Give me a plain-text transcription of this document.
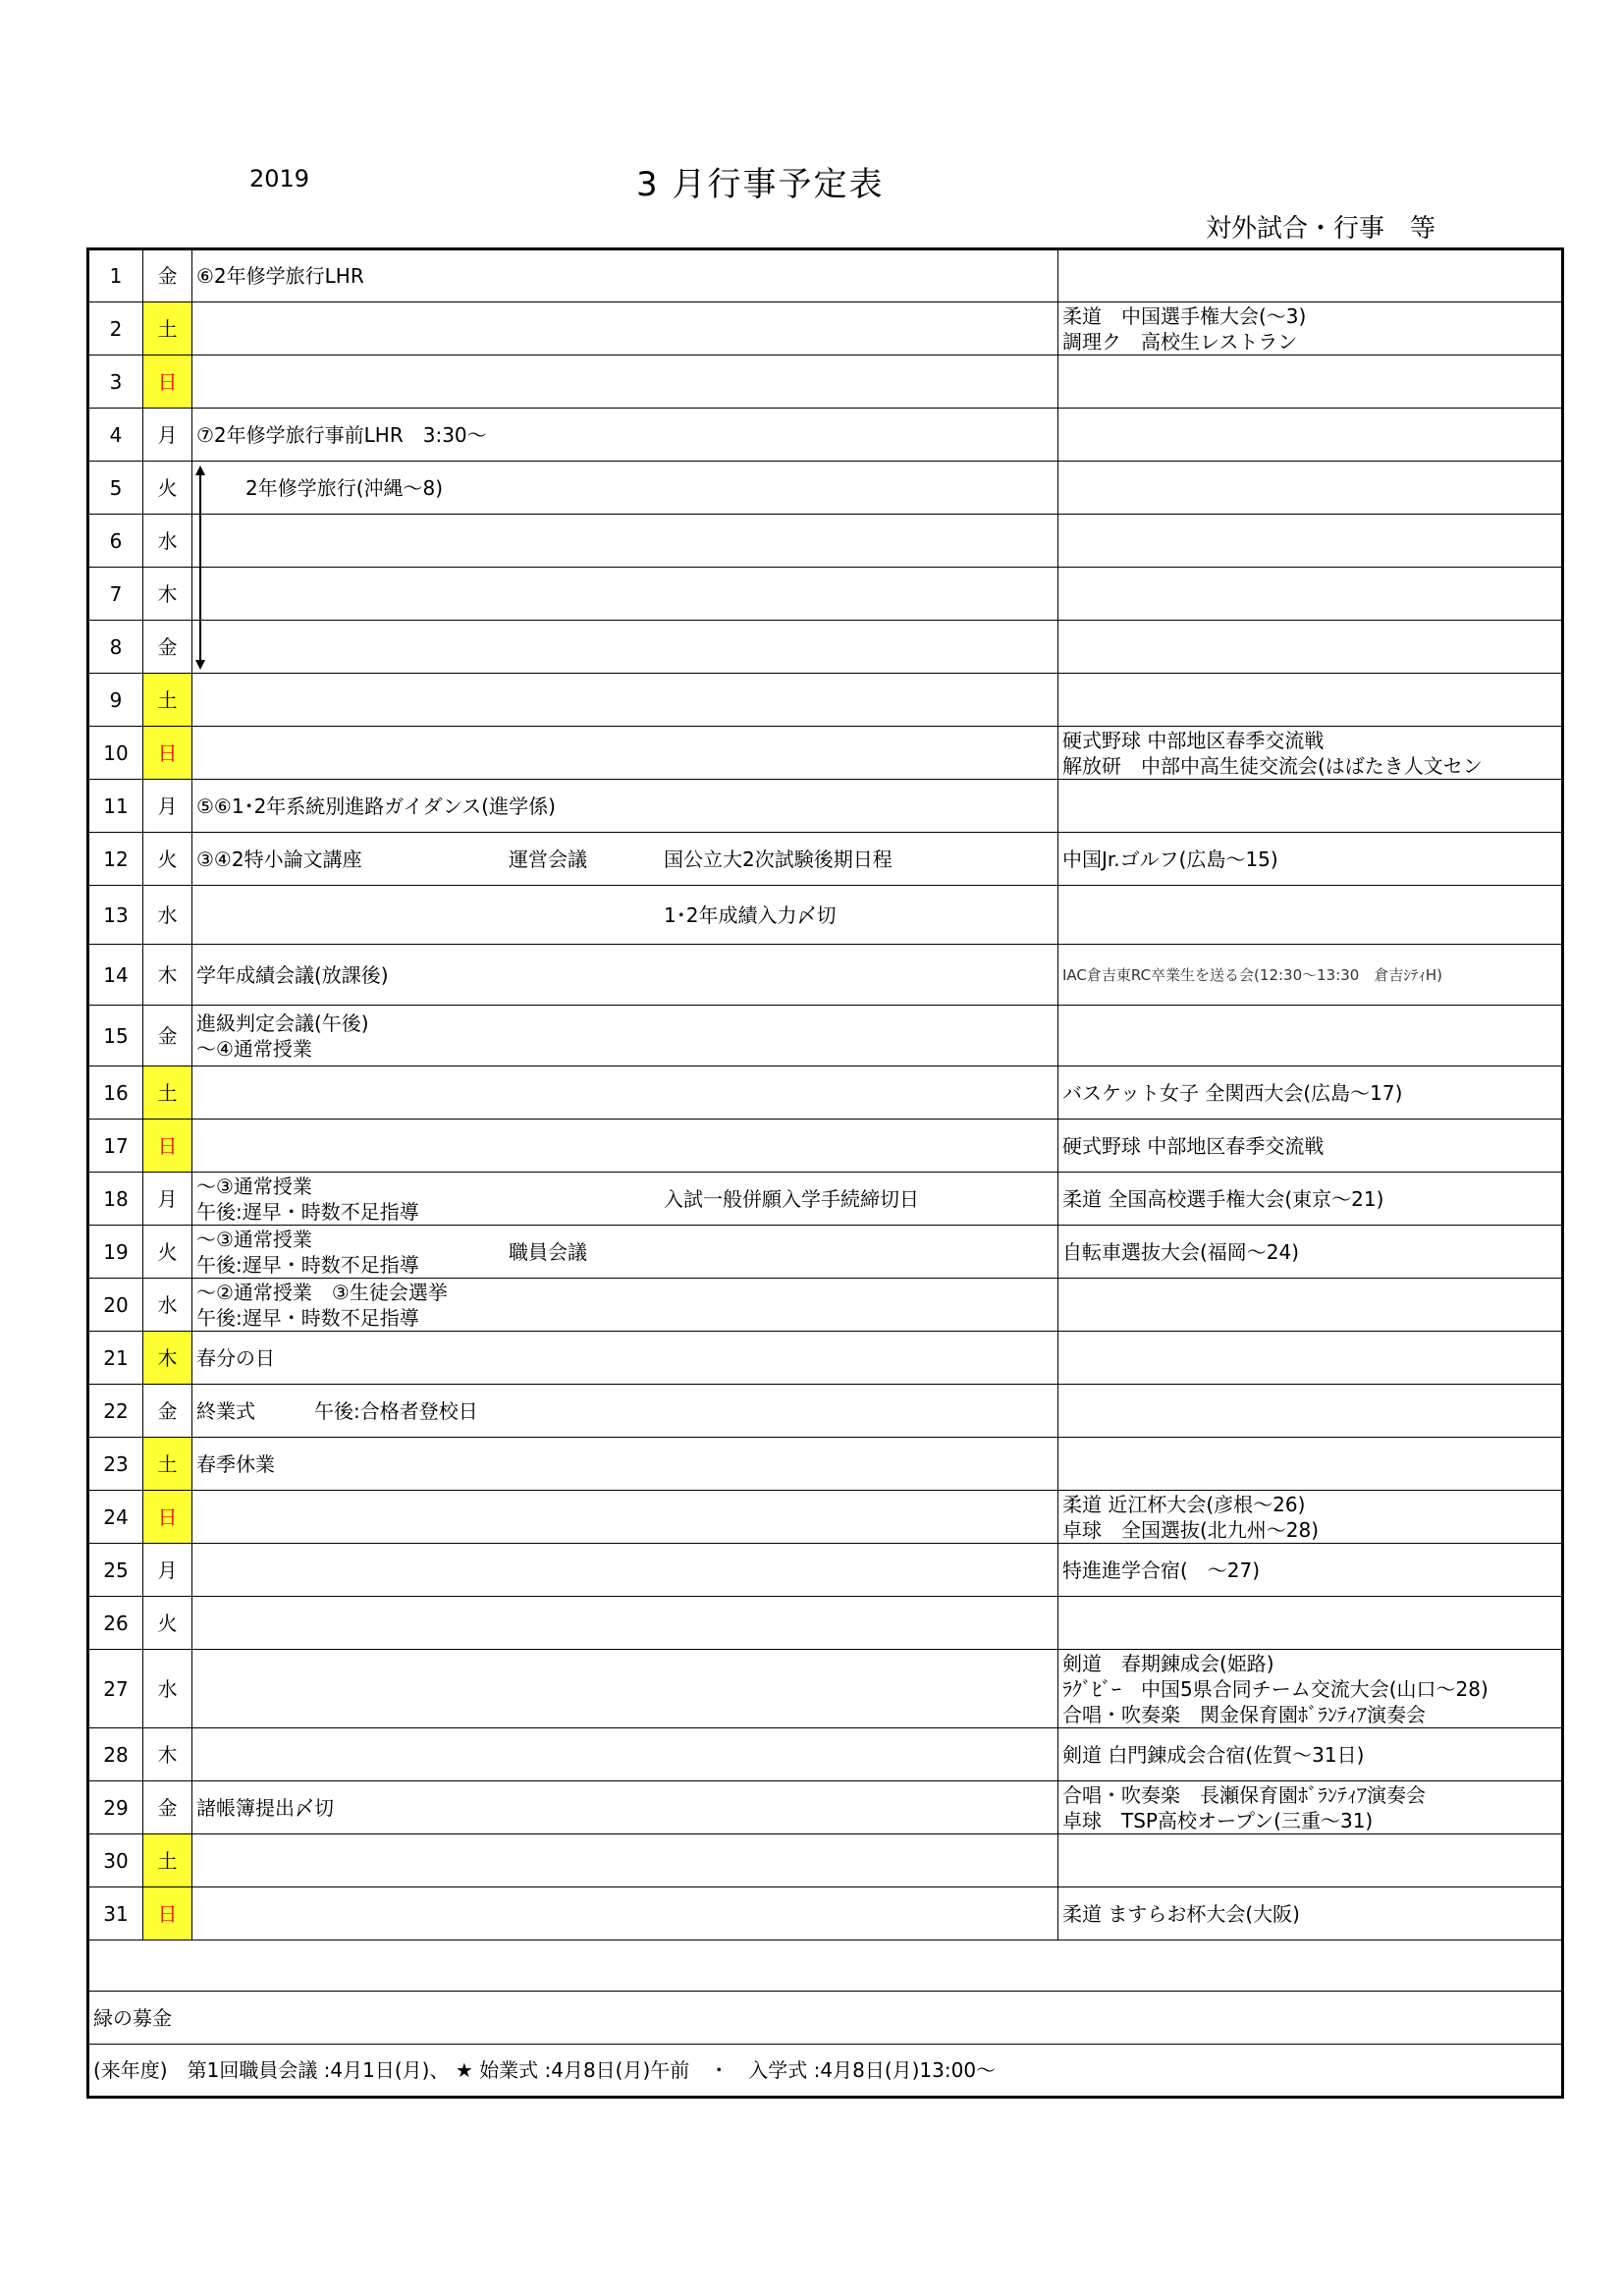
2019	3 月行事予定表
対外試合・行事　等
1	金	⑥2年修学旅行LHR	

2	土		柔道　中国選手権大会(～3)
調理ク　高校生レストラン

3	日		
4	月	⑦2年修学旅行事前LHR　3:30～	

5	火	　2年修学旅行(沖縄～8)	

6	水		
7	木		
8	金		
9	土		
10	日		硬式野球 中部地区春季交流戦
解放研　中部中高生徒交流会(はばたき人文セン

11	月	⑤⑥1･2年系統別進路ガイダンス(進学係)	

12	火	③④2特小論文講座 運営会議 国公立大2次試験後期日程	中国Jr.ゴルフ(広島～15)

13	水	1･2年成績入力〆切	

14	木	学年成績会議(放課後)	IAC倉吉東RC卒業生を送る会(12:30～13:30　倉吉ｼﾃｨH)

15	金	進級判定会議(午後)
～④通常授業	

16	土		バスケット女子 全関西大会(広島～17)

17	日		硬式野球 中部地区春季交流戦

18	月	～③通常授業
午後:遅早・時数不足指導
入試一般併願入学手続締切日	柔道 全国高校選手権大会(東京～21)

19	火	～③通常授業
午後:遅早・時数不足指導
職員会議	自転車選抜大会(福岡～24)

20	水	～②通常授業　③生徒会選挙
午後:遅早・時数不足指導	

21	木	春分の日	

22	金	終業式　　　午後:合格者登校日	

23	土	春季休業	

24	日		柔道 近江杯大会(彦根～26)
卓球　全国選抜(北九州～28)

25	月		特進進学合宿(　～27)

26	火		
27	水		剣道　春期錬成会(姫路)
ﾗｸﾞﾋﾞｰ　中国5県合同チーム交流大会(山口～28)
合唱・吹奏楽　関金保育園ﾎﾞﾗﾝﾃｨｱ演奏会

28	木		剣道 白門錬成会合宿(佐賀～31日)

29	金	諸帳簿提出〆切	合唱・吹奏楽　長瀬保育園ﾎﾞﾗﾝﾃｨｱ演奏会
卓球　TSP高校オープン(三重～31)

30	土		
31	日		柔道 ますらお杯大会(大阪)

緑の募金			
(来年度)　第1回職員会議 :4月1日(月)、 ★ 始業式 :4月8日(月)午前　・　入学式 :4月8日(月)13:00～			
